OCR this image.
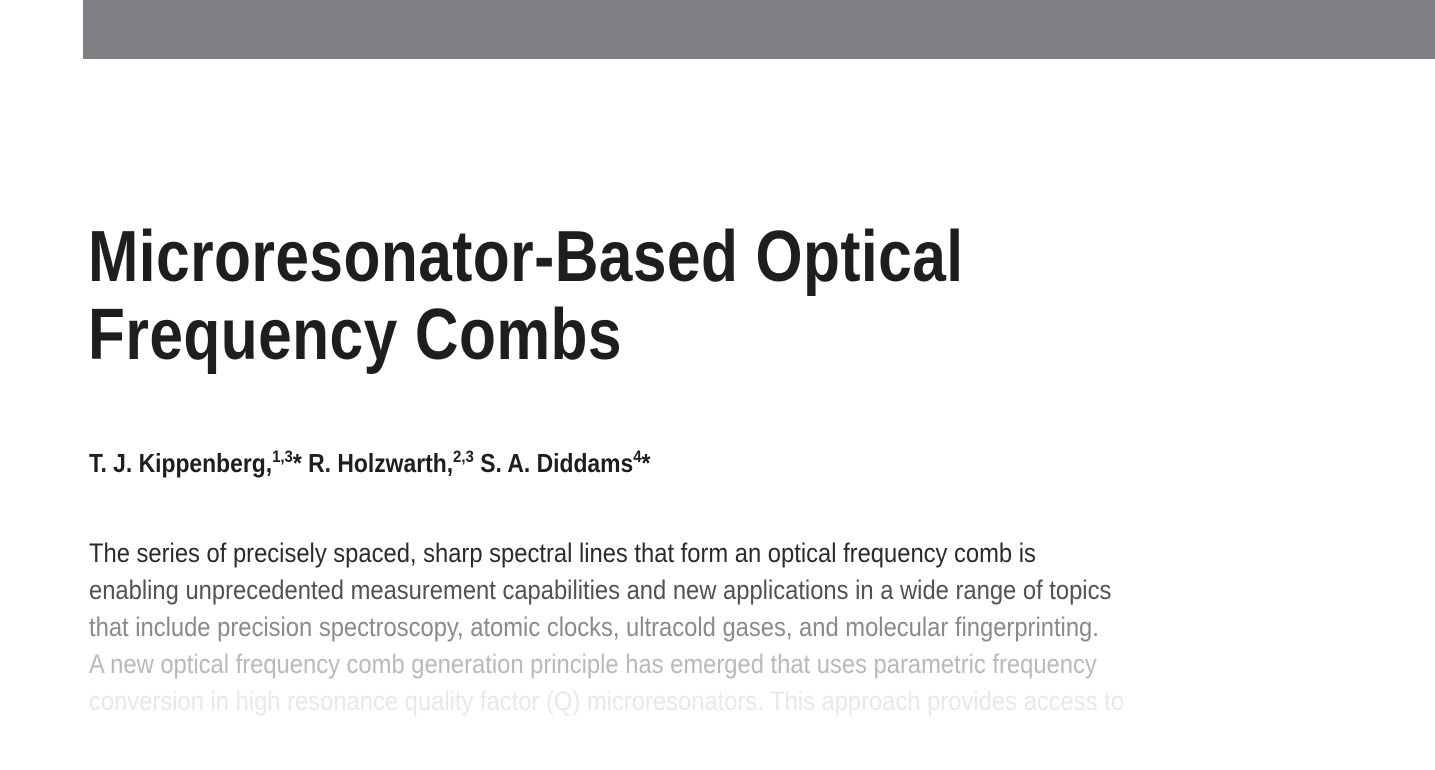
Microresonator-Based Optical
Frequency Combs

T. J. Kippenberg,$^{1,3}$* R. Holzwarth,$^{2,3}$ S. A. Diddams$^4$*

The series of precisely spaced, sharp spectral lines that form an optical frequency comb is
enabling unprecedented measurement capabilities and new applications in a wide range of topics
that include precision spectroscopy, atomic clocks, ultracold gases, and molecular fingerprinting.
A new optical frequency comb generation principle has emerged that uses parametric frequency
conversion in high resonance quality factor (Q) microresonators. This approach provides access to
